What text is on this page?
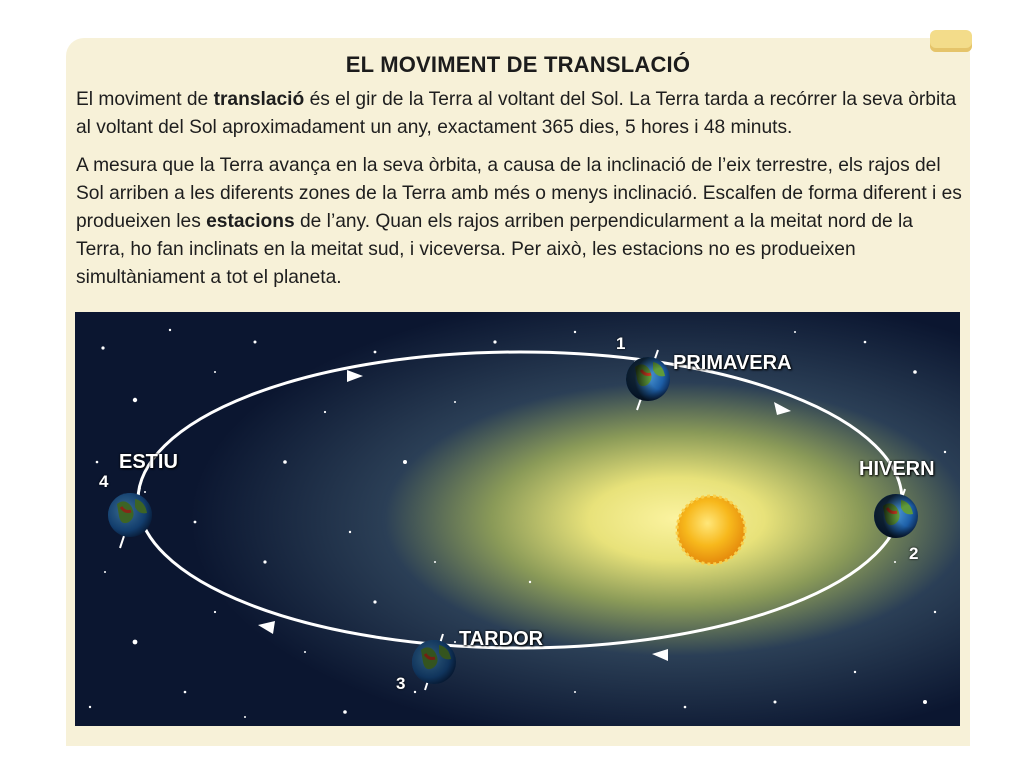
EL MOVIMENT DE TRANSLACIÓ

El moviment de translació és el gir de la Terra al voltant del Sol. La Terra tarda a recórrer la seva òrbita al voltant del Sol aproximadament un any, exactament 365 dies, 5 hores i 48 minuts.

A mesura que la Terra avança en la seva òrbita, a causa de la inclinació de l’eix terrestre, els rajos del Sol arriben a les diferents zones de la Terra amb més o menys inclinació. Escalfen de forma diferent i es produeixen les estacions de l’any. Quan els rajos arriben perpendicularment a la meitat nord de la Terra, ho fan inclinats en la meitat sud, i viceversa. Per això, les estacions no es produeixen simultàniament a tot el planeta.

PRIMAVERA
HIVERN
TARDOR
ESTIU
1
2
3
4
